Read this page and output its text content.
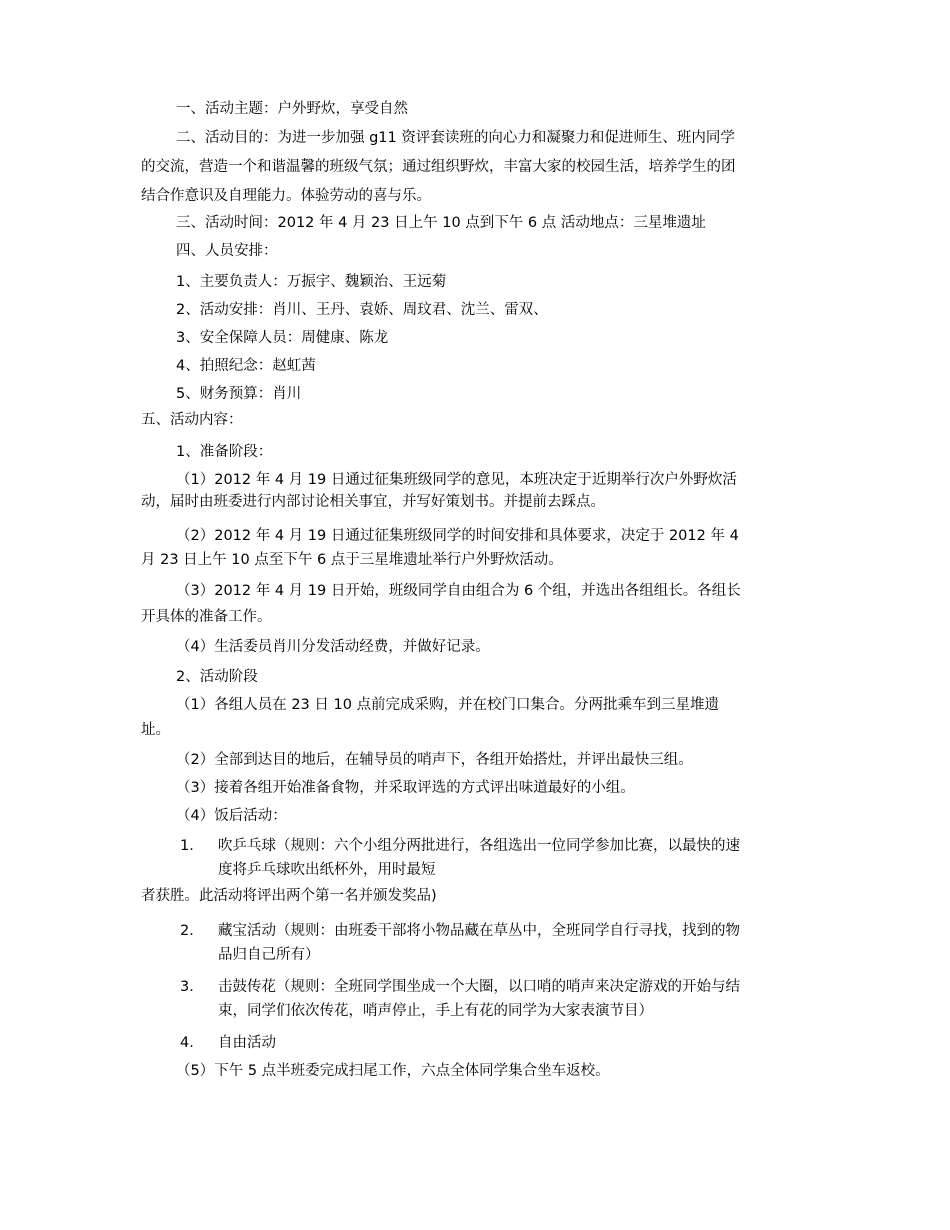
一、活动主题：户外野炊，享受自然
二、活动目的：为进一步加强 g11 资评套读班的向心力和凝聚力和促进师生、班内同学
的交流，营造一个和谐温馨的班级气氛；通过组织野炊，丰富大家的校园生活，培养学生的团
结合作意识及自理能力。体验劳动的喜与乐。
三、活动时间：2012 年 4 月 23 日上午 10 点到下午 6 点 活动地点：三星堆遗址
四、人员安排：
1、主要负责人：万振宇、魏颖治、王远菊
2、活动安排：肖川、王丹、袁娇、周玟君、沈兰、雷双、
3、安全保障人员：周健康、陈龙
4、拍照纪念：赵虹茜
5、财务预算：肖川
五、活动内容：
1、准备阶段：
（1）2012 年 4 月 19 日通过征集班级同学的意见，本班决定于近期举行次户外野炊活
动，届时由班委进行内部讨论相关事宜，并写好策划书。并提前去踩点。
（2）2012 年 4 月 19 日通过征集班级同学的时间安排和具体要求，决定于 2012 年 4
月 23 日上午 10 点至下午 6 点于三星堆遗址举行户外野炊活动。
（3）2012 年 4 月 19 日开始，班级同学自由组合为 6 个组，并选出各组组长。各组长
开具体的准备工作。
（4）生活委员肖川分发活动经费，并做好记录。
2、活动阶段
（1）各组人员在 23 日 10 点前完成采购，并在校门口集合。分两批乘车到三星堆遗
址。
（2）全部到达目的地后，在辅导员的哨声下，各组开始搭灶，并评出最快三组。
（3）接着各组开始准备食物，并采取评选的方式评出味道最好的小组。
（4）饭后活动：
1． 吹乒乓球（规则：六个小组分两批进行，各组选出一位同学参加比赛，以最快的速
度将乒乓球吹出纸杯外，用时最短
者获胜。此活动将评出两个第一名并颁发奖品)
2． 藏宝活动（规则：由班委干部将小物品藏在草丛中，全班同学自行寻找，找到的物
品归自己所有）
3． 击鼓传花（规则：全班同学围坐成一个大圈，以口哨的哨声来决定游戏的开始与结
束，同学们依次传花，哨声停止，手上有花的同学为大家表演节目）
4． 自由活动
（5）下午 5 点半班委完成扫尾工作，六点全体同学集合坐车返校。
